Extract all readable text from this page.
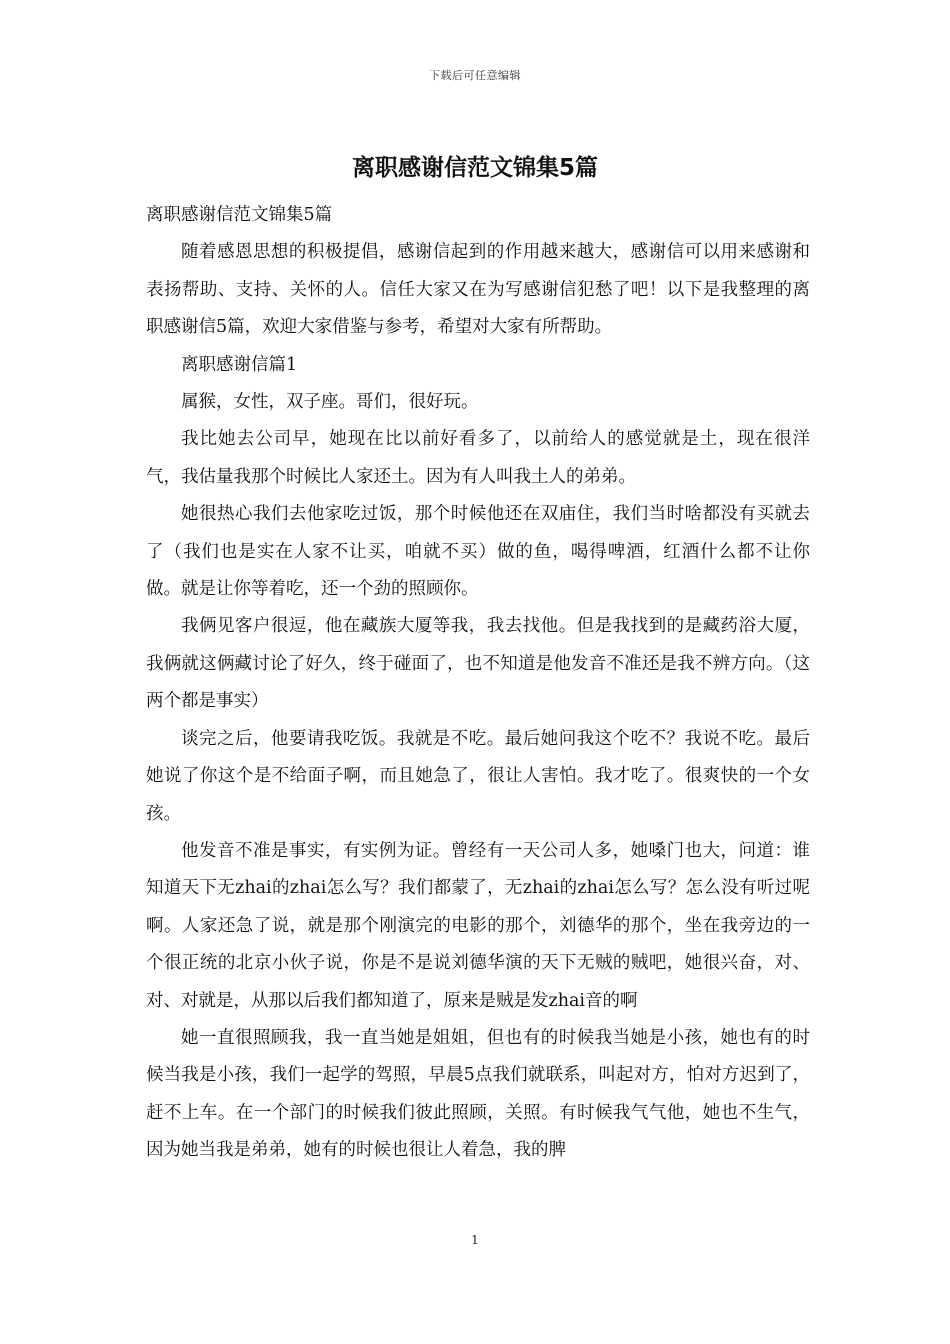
下载后可任意编辑
离职感谢信范文锦集5篇

离职感谢信范文锦集5篇

随着感恩思想的积极提倡，感谢信起到的作用越来越大，感谢信可以用来感谢和表扬帮助、支持、关怀的人。信任大家又在为写感谢信犯愁了吧！以下是我整理的离职感谢信5篇，欢迎大家借鉴与参考，希望对大家有所帮助。

离职感谢信篇1

属猴，女性，双子座。哥们，很好玩。

我比她去公司早，她现在比以前好看多了，以前给人的感觉就是土，现在很洋气，我估量我那个时候比人家还土。因为有人叫我土人的弟弟。

她很热心我们去他家吃过饭，那个时候他还在双庙住，我们当时啥都没有买就去了（我们也是实在人家不让买，咱就不买）做的鱼，喝得啤酒，红酒什么都不让你做。就是让你等着吃，还一个劲的照顾你。

我俩见客户很逗，他在藏族大厦等我，我去找他。但是我找到的是藏药浴大厦，我俩就这俩藏讨论了好久，终于碰面了，也不知道是他发音不准还是我不辨方向。（这两个都是事实）

谈完之后，他要请我吃饭。我就是不吃。最后她问我这个吃不？我说不吃。最后她说了你这个是不给面子啊，而且她急了，很让人害怕。我才吃了。很爽快的一个女孩。

他发音不准是事实，有实例为证。曾经有一天公司人多，她嗓门也大，问道：谁知道天下无zhai的zhai怎么写？我们都蒙了，无zhai的zhai怎么写？怎么没有听过呢啊。人家还急了说，就是那个刚演完的电影的那个，刘德华的那个，坐在我旁边的一个很正统的北京小伙子说，你是不是说刘德华演的天下无贼的贼吧，她很兴奋，对、对、对就是，从那以后我们都知道了，原来是贼是发zhai音的啊

她一直很照顾我，我一直当她是姐姐，但也有的时候我当她是小孩，她也有的时候当我是小孩，我们一起学的驾照，早晨5点我们就联系，叫起对方，怕对方迟到了，赶不上车。在一个部门的时候我们彼此照顾，关照。有时候我气气他，她也不生气，因为她当我是弟弟，她有的时候也很让人着急，我的脾

1
